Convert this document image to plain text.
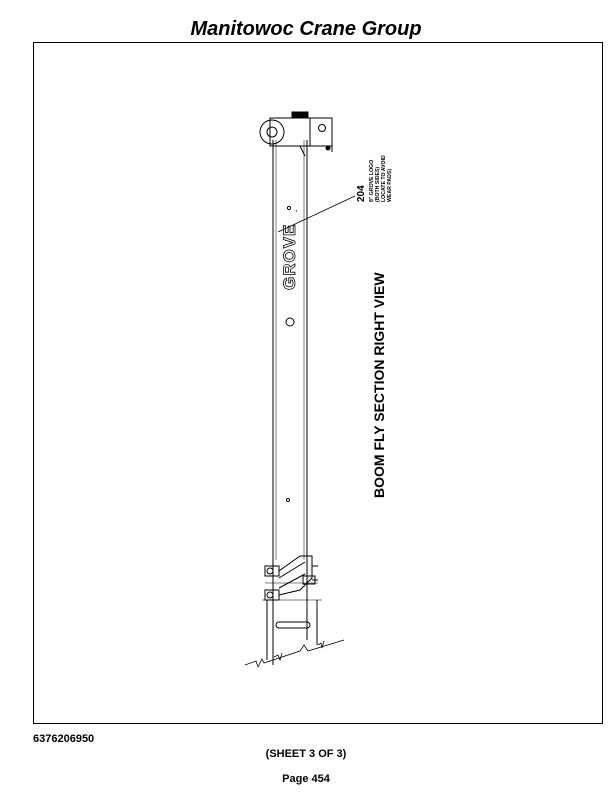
Manitowoc Crane Group
GROVE
.
204 8" GROVE LOGO (BOTH SIDES) LOCATE TO AVOID WEAR PADS)
BOOM FLY SECTION RIGHT VIEW
6376206950
(SHEET 3 OF 3)
Page 454
